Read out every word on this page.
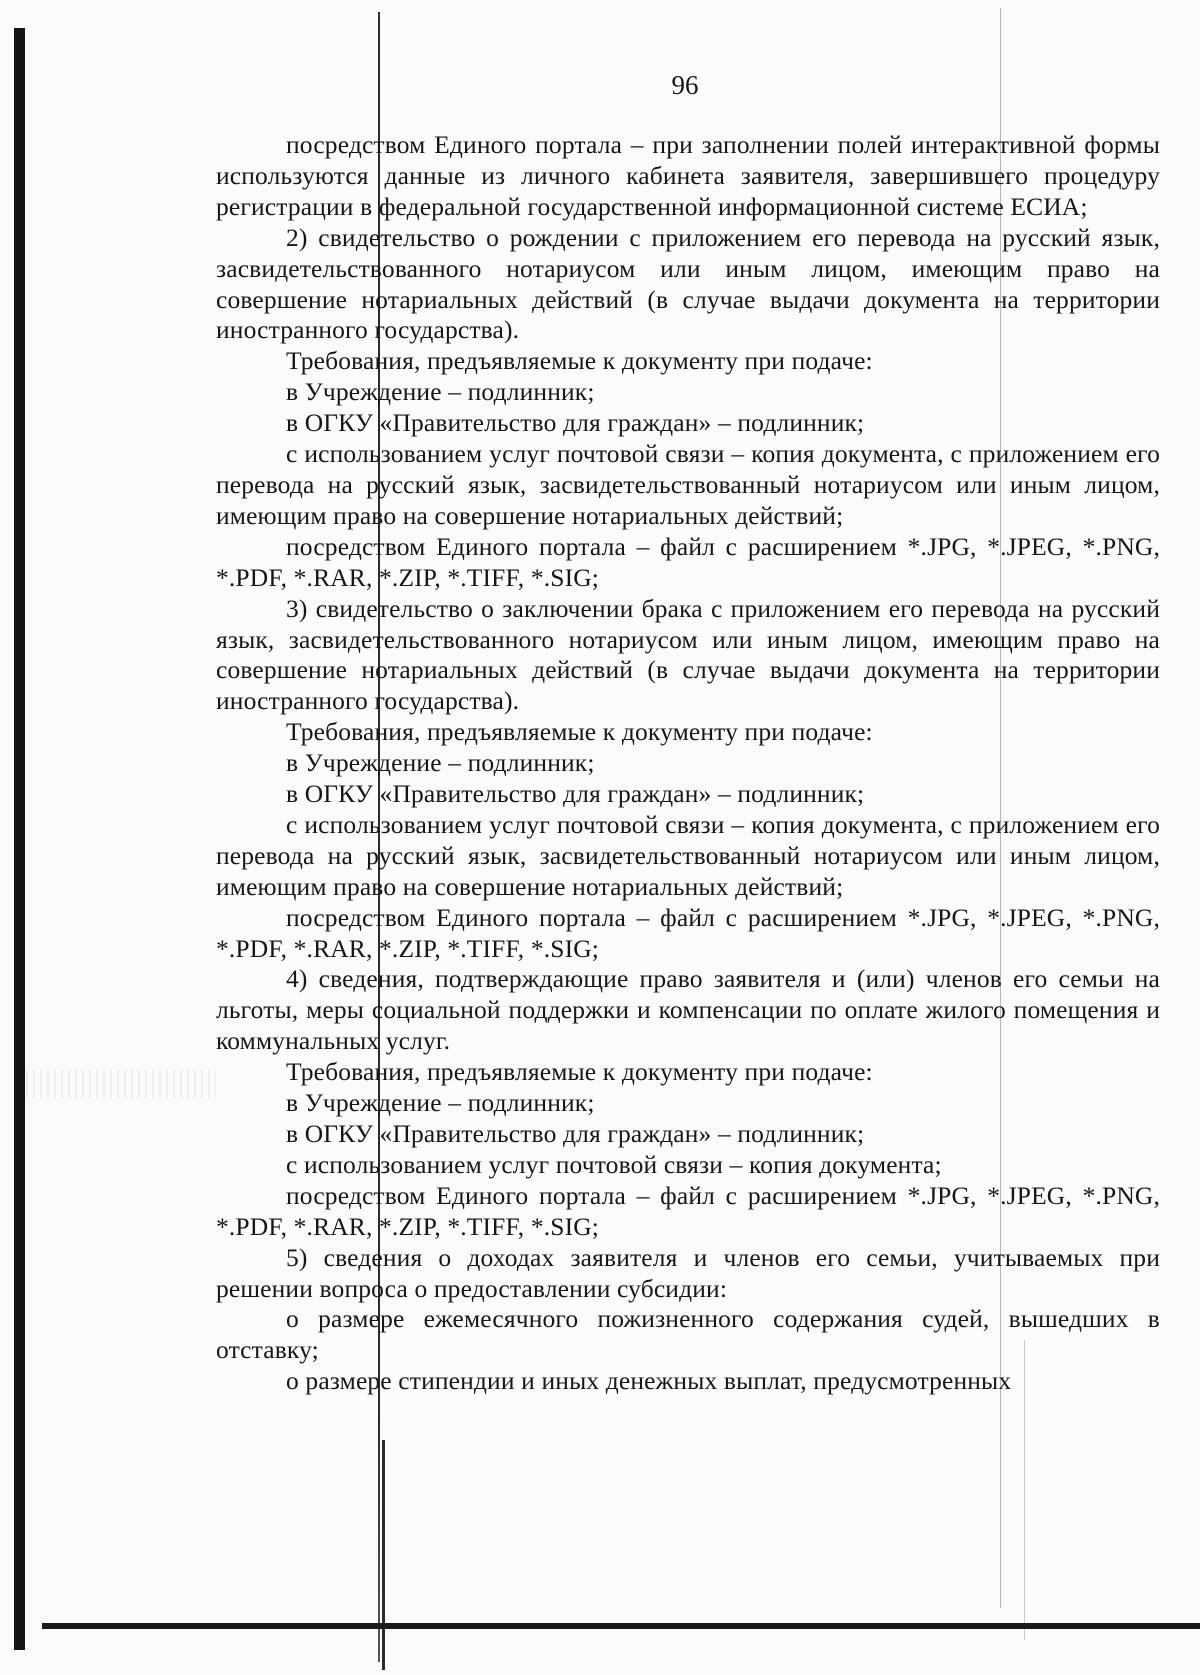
96

посредством Единого портала – при заполнении полей интерактивной формы используются данные из личного кабинета заявителя, завершившего процедуру регистрации в федеральной государственной информационной системе ЕСИА;

2) свидетельство о рождении с приложением его перевода на русский язык, засвидетельствованного нотариусом или иным лицом, имеющим право на совершение нотариальных действий (в случае выдачи документа на территории иностранного государства).

Требования, предъявляемые к документу при подаче:

в Учреждение – подлинник;

в ОГКУ «Правительство для граждан» – подлинник;

с использованием услуг почтовой связи – копия документа, с приложением его перевода на русский язык, засвидетельствованный нотариусом или иным лицом, имеющим право на совершение нотариальных действий;

посредством Единого портала – файл с расширением *.JPG, *.JPEG, *.PNG, *.PDF, *.RAR, *.ZIP, *.TIFF, *.SIG;

3) свидетельство о заключении брака с приложением его перевода на русский язык, засвидетельствованного нотариусом или иным лицом, имеющим право на совершение нотариальных действий (в случае выдачи документа на территории иностранного государства).

Требования, предъявляемые к документу при подаче:

в Учреждение – подлинник;

в ОГКУ «Правительство для граждан» – подлинник;

с использованием услуг почтовой связи – копия документа, с приложением его перевода на русский язык, засвидетельствованный нотариусом или иным лицом, имеющим право на совершение нотариальных действий;

посредством Единого портала – файл с расширением *.JPG, *.JPEG, *.PNG, *.PDF, *.RAR, *.ZIP, *.TIFF, *.SIG;

4) сведения, подтверждающие право заявителя и (или) членов его семьи на льготы, меры социальной поддержки и компенсации по оплате жилого помещения и коммунальных услуг.

Требования, предъявляемые к документу при подаче:

в Учреждение – подлинник;

в ОГКУ «Правительство для граждан» – подлинник;

с использованием услуг почтовой связи – копия документа;

посредством Единого портала – файл с расширением *.JPG, *.JPEG, *.PNG, *.PDF, *.RAR, *.ZIP, *.TIFF, *.SIG;

5) сведения о доходах заявителя и членов его семьи, учитываемых при решении вопроса о предоставлении субсидии:

о размере ежемесячного пожизненного содержания судей, вышедших в отставку;

о размере стипендии и иных денежных выплат, предусмотренных
